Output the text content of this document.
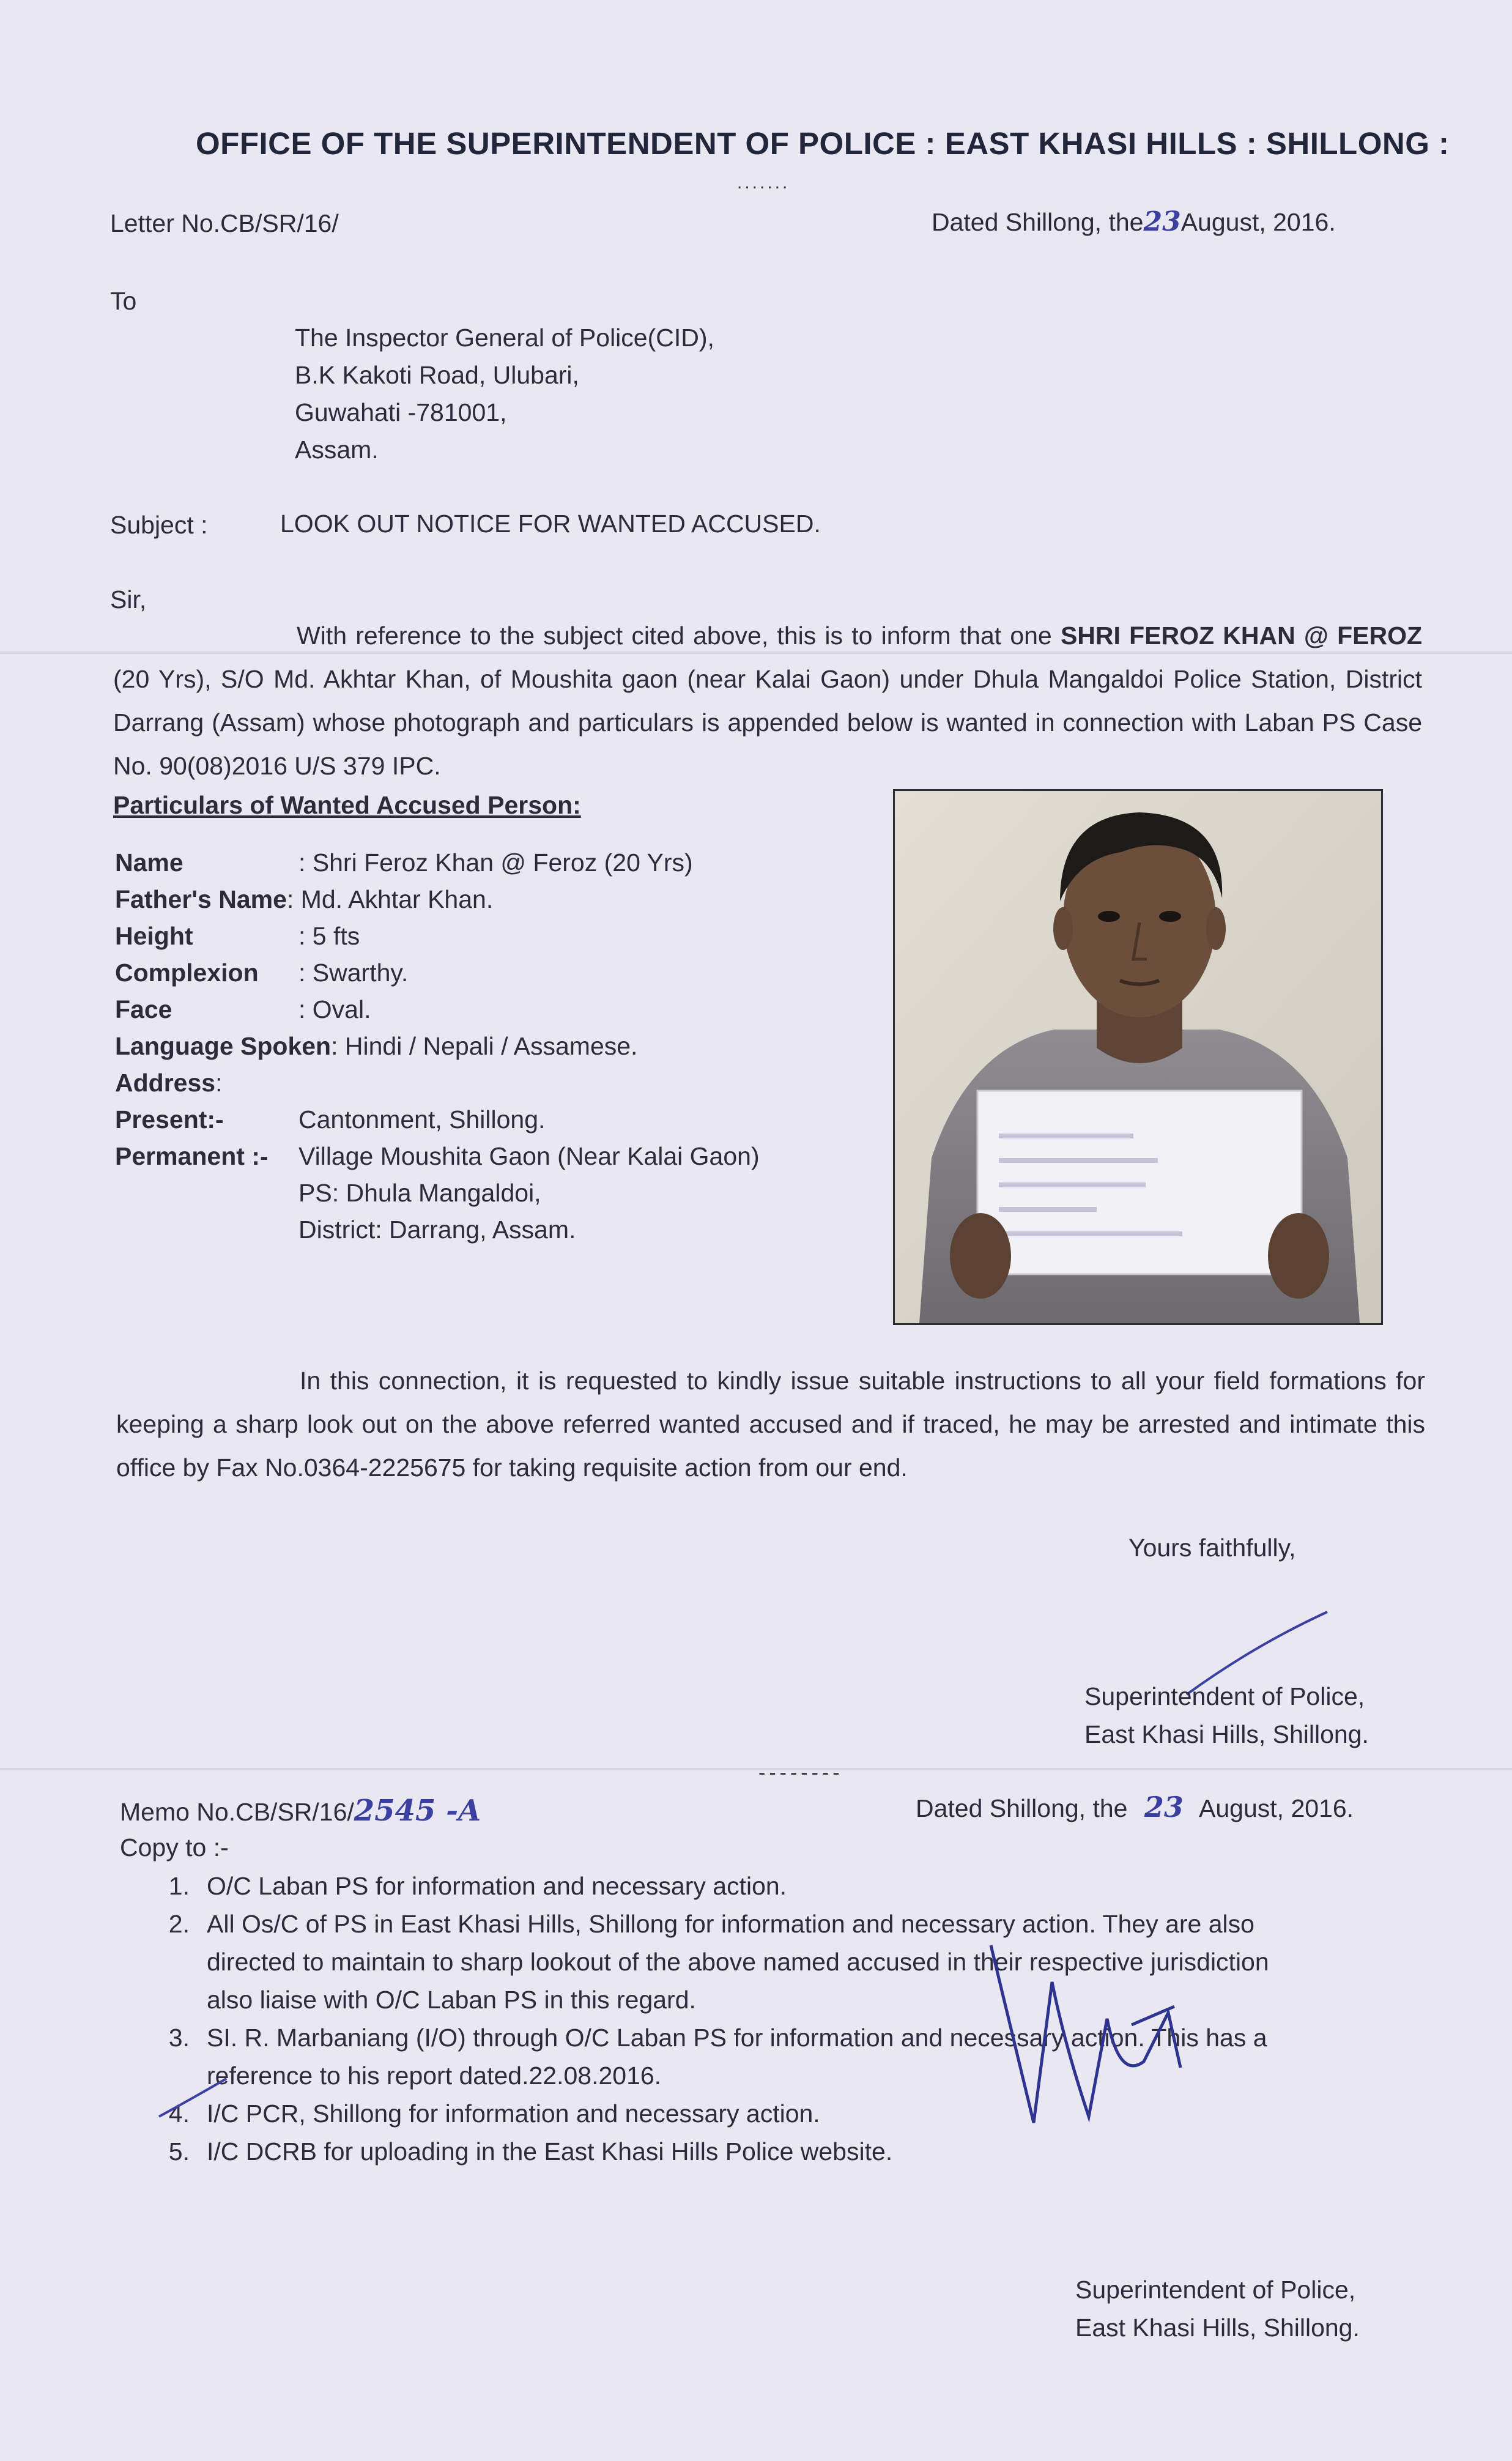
OFFICE OF THE SUPERINTENDENT OF POLICE : EAST KHASI HILLS : SHILLONG :
.......
Letter No.CB/SR/16/	Dated Shillong, the23August, 2016.
To
The Inspector General of Police(CID),
B.K Kakoti Road, Ulubari,
Guwahati -781001,
Assam.
Subject :	LOOK OUT NOTICE FOR WANTED ACCUSED.
Sir,
With reference to the subject cited above, this is to inform that one SHRI FEROZ KHAN @ FEROZ (20 Yrs), S/O Md. Akhtar Khan, of Moushita gaon (near Kalai Gaon) under Dhula Mangaldoi Police Station, District Darrang (Assam) whose photograph and particulars is appended below is wanted in connection with Laban PS Case No. 90(08)2016 U/S 379 IPC.
Particulars of Wanted Accused Person:
Name	: Shri Feroz Khan @ Feroz (20 Yrs)
Father's Name: Md. Akhtar Khan.
Height	: 5 fts
Complexion : Swarthy.
Face	: Oval.
Language Spoken: Hindi / Nepali / Assamese.
Address:
Present:-	Cantonment, Shillong.
Permanent :- Village Moushita Gaon (Near Kalai Gaon)
PS: Dhula Mangaldoi,
District: Darrang, Assam.
In this connection, it is requested to kindly issue suitable instructions to all your field formations for keeping a sharp look out on the above referred wanted accused and if traced, he may be arrested and intimate this office by Fax No.0364-2225675 for taking requisite action from our end.
Yours faithfully,
Superintendent of Police,
East Khasi Hills, Shillong.
--------
Memo No.CB/SR/16/2545 -A	Dated Shillong, the 23 August, 2016.
Copy to :-
1. O/C Laban PS for information and necessary action.
2. All Os/C of PS in East Khasi Hills, Shillong for information and necessary action. They are also
directed to maintain to sharp lookout of the above named accused in their respective jurisdiction
also liaise with O/C Laban PS in this regard.
3. SI. R. Marbaniang (I/O) through O/C Laban PS for information and necessary action. This has a
reference to his report dated.22.08.2016.
4. I/C PCR, Shillong for information and necessary action.
5. I/C DCRB for uploading in the East Khasi Hills Police website.
Superintendent of Police,
East Khasi Hills, Shillong.
